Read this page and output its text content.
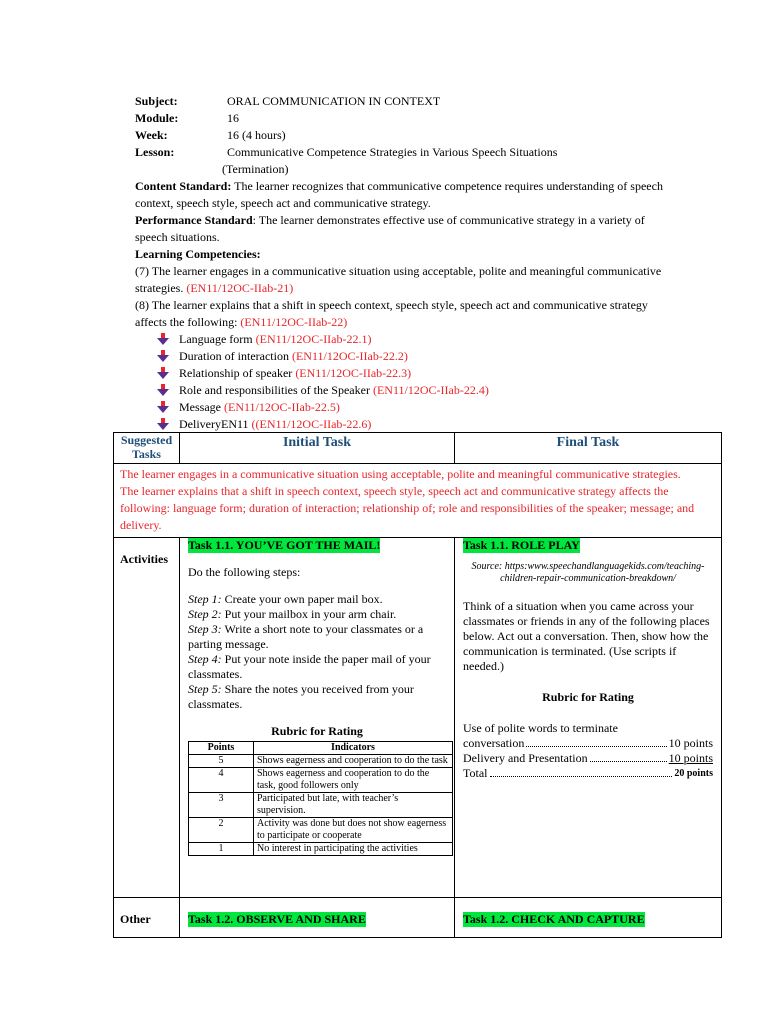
Subject:	ORAL COMMUNICATION IN CONTEXT
Module:	16
Week:	16 (4 hours)
Lesson:	Communicative Competence Strategies in Various Speech Situations
(Termination)
Content Standard: The learner recognizes that communicative competence requires understanding of speech context, speech style, speech act and communicative strategy.
Performance Standard: The learner demonstrates effective use of communicative strategy in a variety of speech situations.
Learning Competencies:
(7) The learner engages in a communicative situation using acceptable, polite and meaningful communicative strategies. (EN11/12OC-IIab-21)
(8) The learner explains that a shift in speech context, speech style, speech act and communicative strategy affects the following: (EN11/12OC-IIab-22)
Language form (EN11/12OC-IIab-22.1)
Duration of interaction (EN11/12OC-IIab-22.2)
Relationship of speaker (EN11/12OC-IIab-22.3)
Role and responsibilities of the Speaker (EN11/12OC-IIab-22.4)
Message (EN11/12OC-IIab-22.5)
DeliveryEN11 ((EN11/12OC-IIab-22.6)
Suggested Tasks	Initial Task	Final Task

The learner engages in a communicative situation using acceptable, polite and meaningful communicative strategies.
The learner explains that a shift in speech context, speech style, speech act and communicative strategy affects the following: language form; duration of interaction; relationship of; role and responsibilities of the speaker; message; and delivery.

Activities	Task 1.1. YOU’VE GOT THE MAIL!
Do the following steps:
Step 1: Create your own paper mail box.
Step 2: Put your mailbox in your arm chair.
Step 3: Write a short note to your classmates or a parting message.
Step 4: Put your note inside the paper mail of your classmates.
Step 5: Share the notes you received from your classmates.
Rubric for Rating
Points	Indicators
5	Shows eagerness and cooperation to do the task
4	Shows eagerness and cooperation to do the task, good followers only
3	Participated but late, with teacher’s supervision.
2	Activity was done but does not show eagerness to participate or cooperate
1	No interest in participating the activities
	Task 1.1. ROLE PLAY
Source: https:www.speechandlanguagekids.com/teaching-children-repair-communication-breakdown/
Think of a situation when you came across your classmates or friends in any of the following places below. Act out a conversation. Then, show how the communication is terminated. (Use scripts if needed.)
Rubric for Rating
Use of polite words to terminate
conversation	10 points
Delivery and Presentation	10 points
Total	20 points

Other	Task 1.2. OBSERVE AND SHARE	Task 1.2. CHECK AND CAPTURE
